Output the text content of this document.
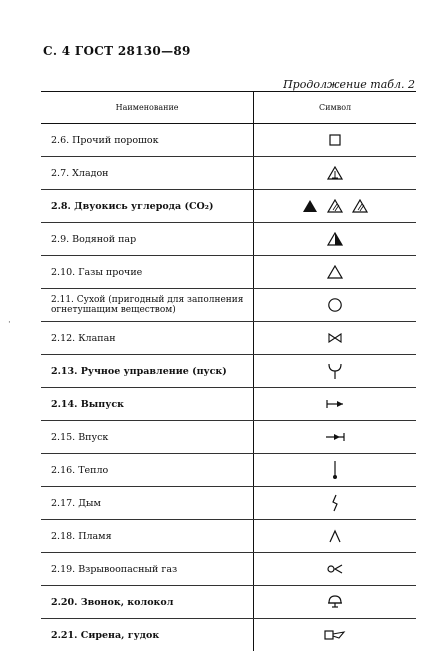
С. 4 ГОСТ 28130—89
Продолжение табл. 2
·
Наименование	Символ
2.6. Прочий порошок	
2.7. Хладон	
2.8. Двуокись углерода (CO₂)	
2.9. Водяной пар	
2.10. Газы прочие	
2.11. Сухой (пригодный для заполнения огнетушащим веществом)	
2.12. Клапан	
2.13. Ручное управление (пуск)	
2.14. Выпуск	
2.15. Впуск	
2.16. Тепло	
2.17. Дым	
2.18. Пламя	
2.19. Взрывоопасный газ	
2.20. Звонок, колокол	
2.21. Сирена, гудок	
